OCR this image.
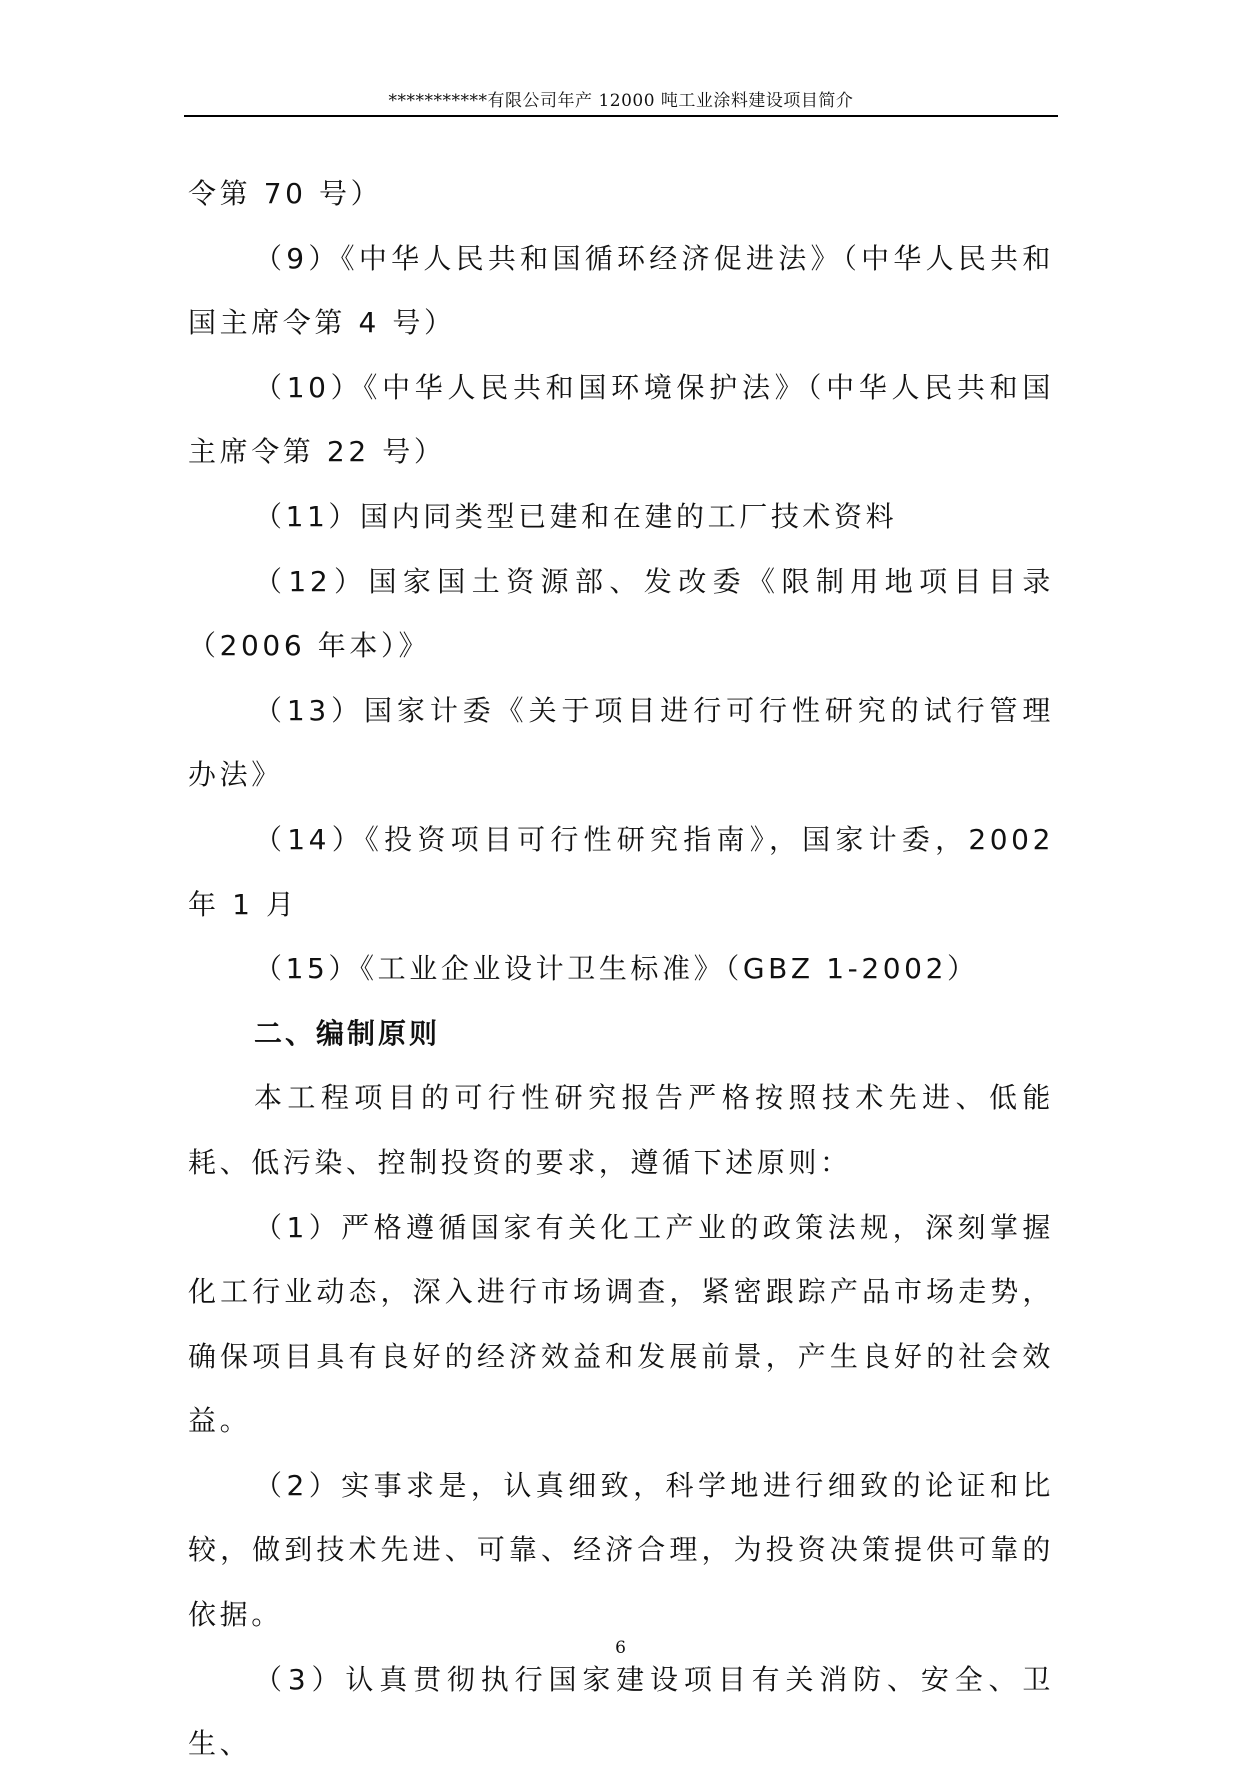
***********有限公司年产 12000 吨工业涂料建设项目简介

令第 70 号）

（9）《中华人民共和国循环经济促进法》（中华人民共和国主席令第 4 号）

（10）《中华人民共和国环境保护法》（中华人民共和国主席令第 22 号）

（11）国内同类型已建和在建的工厂技术资料

（12）国家国土资源部、发改委《限制用地项目目录（2006 年本）》

（13）国家计委《关于项目进行可行性研究的试行管理办法》

（14）《投资项目可行性研究指南》，国家计委，2002 年 1 月

（15）《工业企业设计卫生标准》（GBZ 1-2002）

二、编制原则

本工程项目的可行性研究报告严格按照技术先进、低能耗、低污染、控制投资的要求，遵循下述原则：

（1）严格遵循国家有关化工产业的政策法规，深刻掌握化工行业动态，深入进行市场调查，紧密跟踪产品市场走势，确保项目具有良好的经济效益和发展前景，产生良好的社会效益。

（2）实事求是，认真细致，科学地进行细致的论证和比较，做到技术先进、可靠、经济合理，为投资决策提供可靠的依据。

（3）认真贯彻执行国家建设项目有关消防、安全、卫生、

6
